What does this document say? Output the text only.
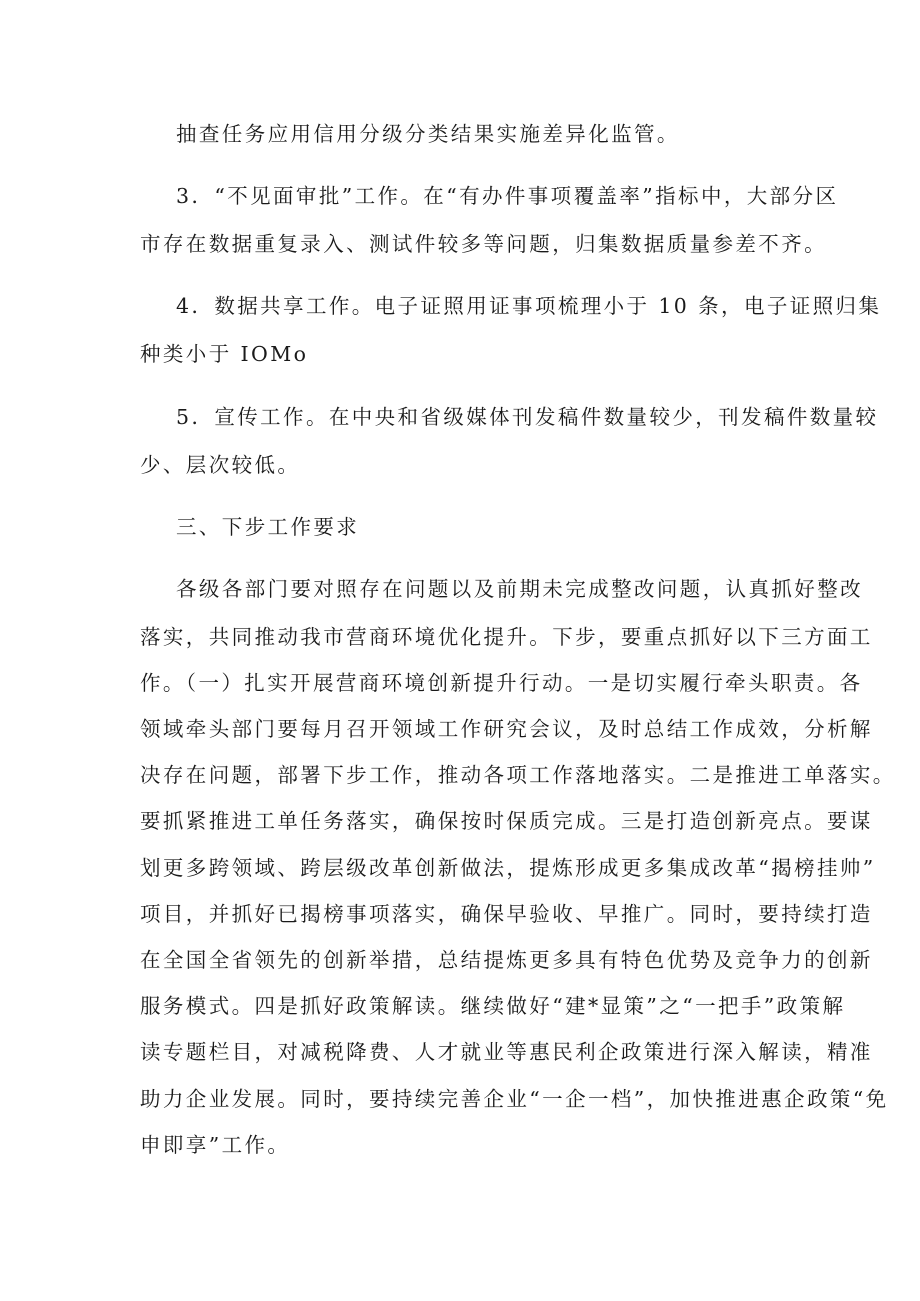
抽查任务应用信用分级分类结果实施差异化监管。
3．“不见面审批”工作。在“有办件事项覆盖率”指标中，大部分区
市存在数据重复录入、测试件较多等问题，归集数据质量参差不齐。
4．数据共享工作。电子证照用证事项梳理小于 10 条，电子证照归集
种类小于 IOMo
5．宣传工作。在中央和省级媒体刊发稿件数量较少，刊发稿件数量较
少、层次较低。
三、下步工作要求
各级各部门要对照存在问题以及前期未完成整改问题，认真抓好整改
落实，共同推动我市营商环境优化提升。下步，要重点抓好以下三方面工
作。（一）扎实开展营商环境创新提升行动。一是切实履行牵头职责。各
领域牵头部门要每月召开领域工作研究会议，及时总结工作成效，分析解
决存在问题，部署下步工作，推动各项工作落地落实。二是推进工单落实。
要抓紧推进工单任务落实，确保按时保质完成。三是打造创新亮点。要谋
划更多跨领域、跨层级改革创新做法，提炼形成更多集成改革“揭榜挂帅”
项目，并抓好已揭榜事项落实，确保早验收、早推广。同时，要持续打造
在全国全省领先的创新举措，总结提炼更多具有特色优势及竞争力的创新
服务模式。四是抓好政策解读。继续做好“建*显策”之“一把手”政策解
读专题栏目，对减税降费、人才就业等惠民利企政策进行深入解读，精准
助力企业发展。同时，要持续完善企业“一企一档”，加快推进惠企政策“免
申即享”工作。
